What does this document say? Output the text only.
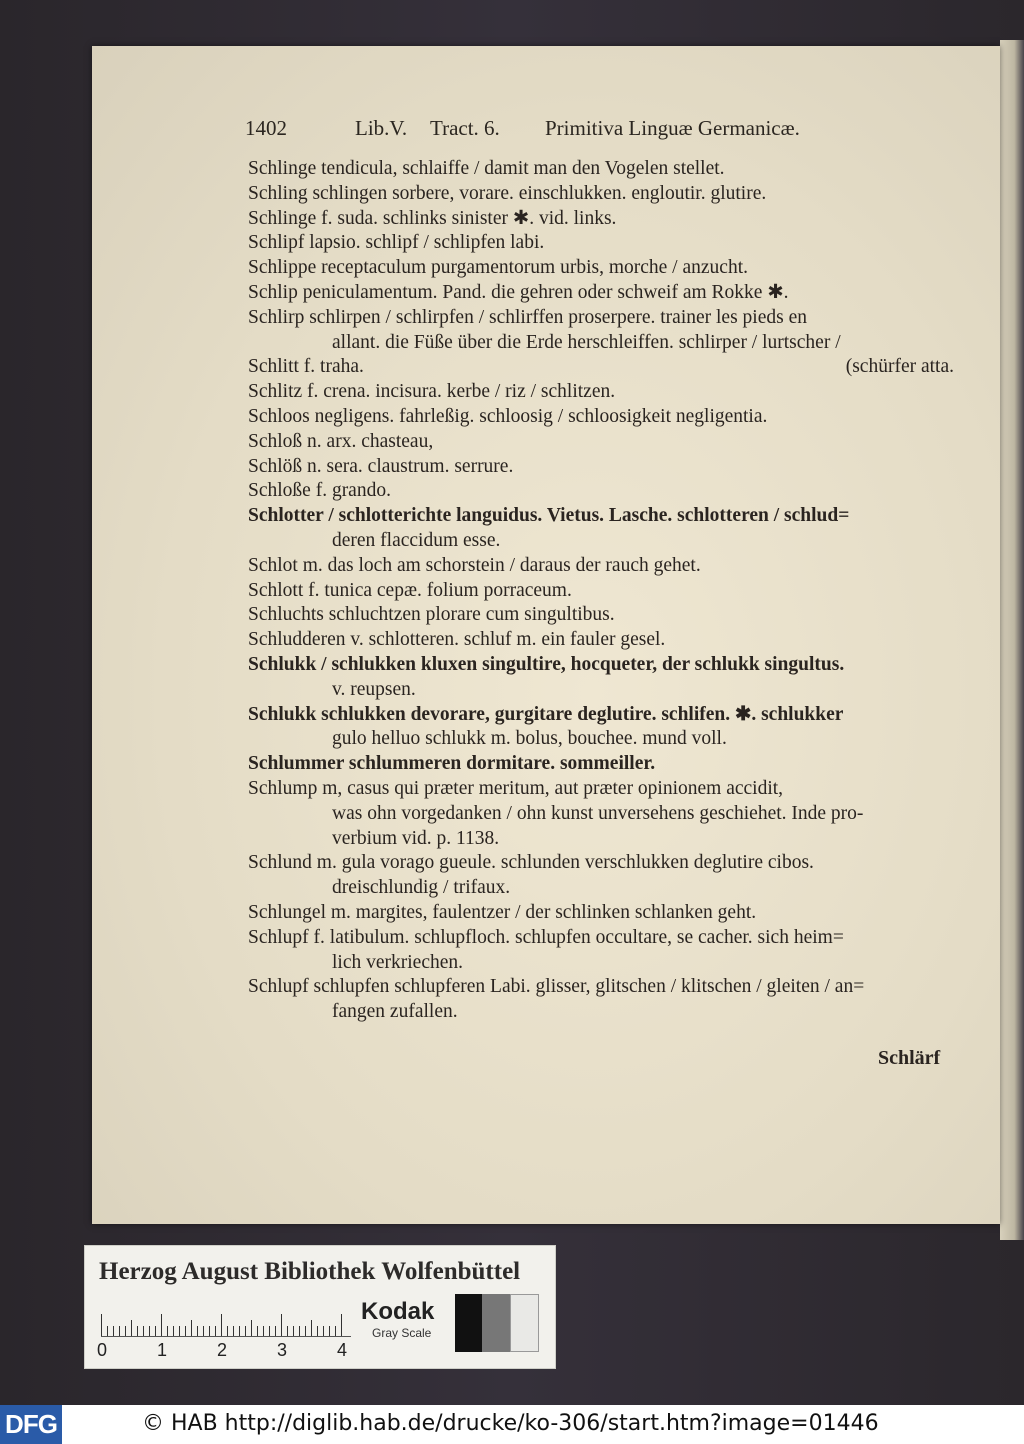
1402	Lib.V. Tract. 6. Primitiva Linguæ Germanicæ.
Schlinge tendicula, schlaiffe / damit man den Vogelen stellet.
Schling schlingen sorbere, vorare. einschlukken. engloutir. glutire.
Schlinge f. suda. schlinks sinister ✱. vid. links.
Schlipf lapsio. schlipf / schlipfen labi.
Schlippe receptaculum purgamentorum urbis, morche / anzucht.
Schlip peniculamentum. Pand. die gehren oder schweif am Rokke ✱.
Schlirp schlirpen / schlirpfen / schlirffen proserpere. trainer les pieds en
allant. die Füße über die Erde herschleiffen. schlirper / lurtscher /
(schürfer atta.
Schlitt f. traha.
Schlitz f. crena. incisura. kerbe / riz / schlitzen.
Schloos negligens. fahrleßig. schloosig / schloosigkeit negligentia.
Schloß n. arx. chasteau,
Schlöß n. sera. claustrum. serrure.
Schloße f. grando.
Schlotter / schlotterichte languidus. Vietus. Lasche. schlotteren / schlud=
deren flaccidum esse.
Schlot m. das loch am schorstein / daraus der rauch gehet.
Schlott f. tunica cepæ. folium porraceum.
Schluchts schluchtzen plorare cum singultibus.
Schludderen v. schlotteren. schluf m. ein fauler gesel.
Schlukk / schlukken kluxen singultire, hocqueter, der schlukk singultus.
v. reupsen.
Schlukk schlukken devorare, gurgitare deglutire. schlifen. ✱. schlukker
gulo helluo schlukk m. bolus, bouchee. mund voll.
Schlummer schlummeren dormitare. sommeiller.
Schlump m, casus qui præter meritum, aut præter opinionem accidit,
was ohn vorgedanken / ohn kunst unversehens geschiehet. Inde pro-
verbium vid. p. 1138.
Schlund m. gula vorago gueule. schlunden verschlukken deglutire cibos.
dreischlundig / trifaux.
Schlungel m. margites, faulentzer / der schlinken schlanken geht.
Schlupf f. latibulum. schlupfloch. schlupfen occultare, se cacher. sich heim=
lich verkriechen.
Schlupf schlupfen schlupferen Labi. glisser, glitschen / klitschen / gleiten / an=
fangen zufallen.
Schlärf
Herzog August Bibliothek Wolfenbüttel
0	1	2	3	4
Kodak
Gray Scale
DFG	© HAB http://diglib.hab.de/drucke/ko-306/start.htm?image=01446
